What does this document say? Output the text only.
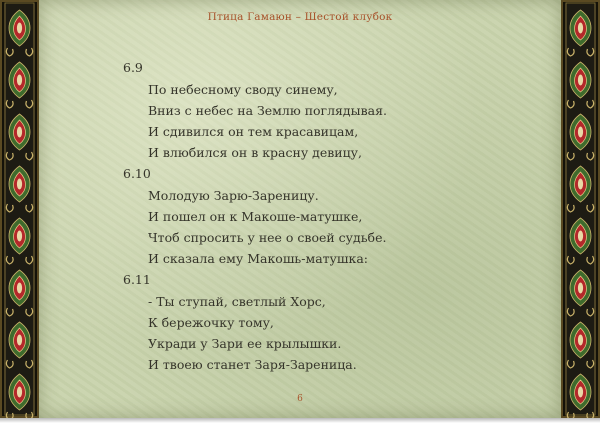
Птица Гамаюн – Шестой клубок
6.9
По небесному своду синему,
Вниз с небес на Землю поглядывая.
И сдивился он тем красавицам,
И влюбился он в красну девицу,
6.10
Молодую Зарю-Зареницу.
И пошел он к Макоше-матушке,
Чтоб спросить у нее о своей судьбе.
И сказала ему Макошь-матушка:
6.11
- Ты ступай, светлый Хорс,
К бережочку тому,
Укради у Зари ее крылышки.
И твоею станет Заря-Зареница.
6
